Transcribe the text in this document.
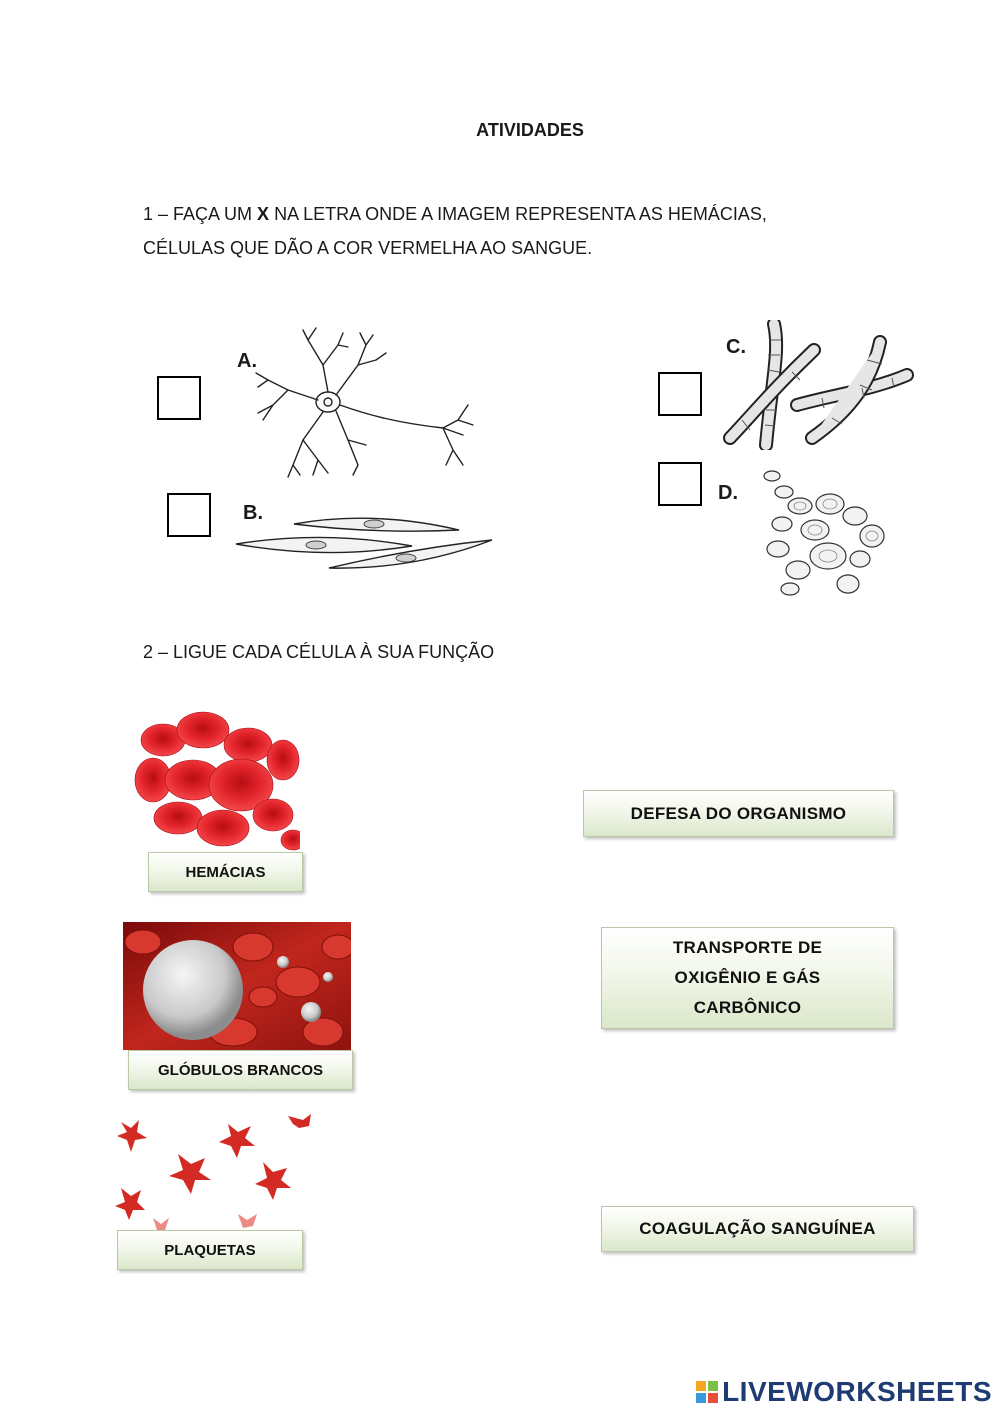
ATIVIDADES
1 – FAÇA UM X NA LETRA ONDE A IMAGEM REPRESENTA AS HEMÁCIAS,
CÉLULAS QUE DÃO A COR VERMELHA AO SANGUE.
A.
B.
C.
D.
2 – LIGUE CADA CÉLULA À SUA FUNÇÃO
HEMÁCIAS
GLÓBULOS BRANCOS
PLAQUETAS
DEFESA DO ORGANISMO
TRANSPORTE DE OXIGÊNIO E GÁS CARBÔNICO
COAGULAÇÃO SANGUÍNEA
LIVEWORKSHEETS
